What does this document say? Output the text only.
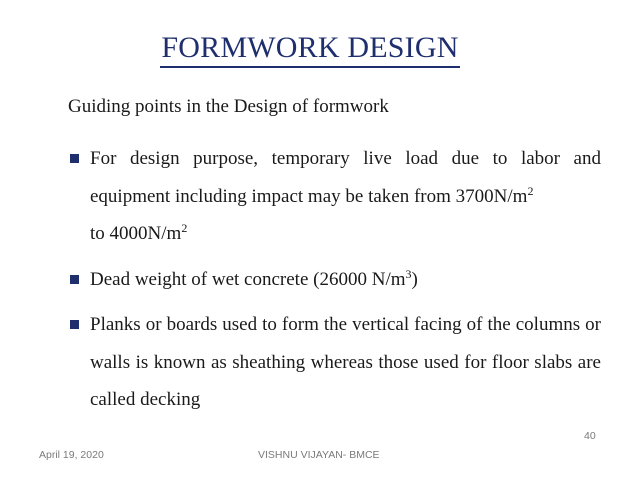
FORMWORK DESIGN
Guiding points in the Design of formwork
For design purpose, temporary live load due to labor and equipment including impact may be taken from $3700N/m^2$
to $4000N/m^2$
Dead weight of wet concrete (26000 $N/m^3$)
Planks or boards used to form the vertical facing of the columns or walls is known as sheathing whereas those used for floor slabs are called decking
April 19, 2020	VISHNU VIJAYAN- BMCE
40
